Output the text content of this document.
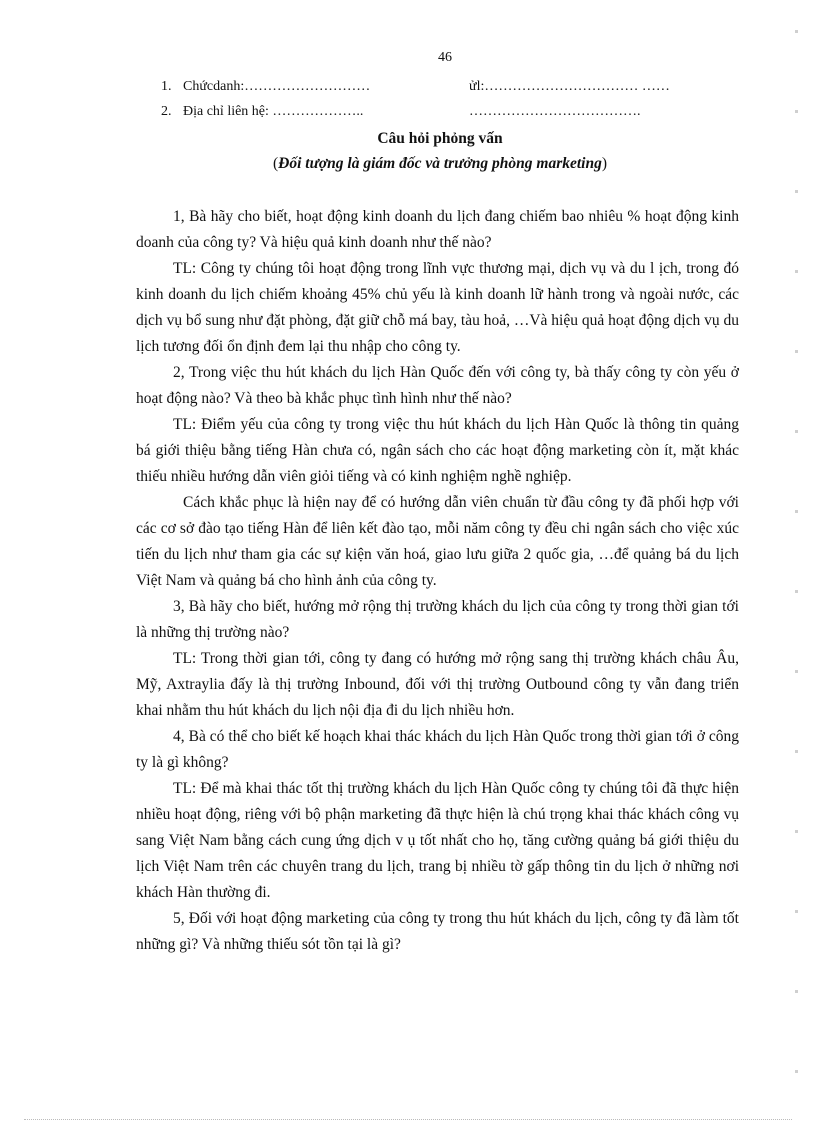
46
1. Chứcdanh:………………………	ửl:…………………………… ……
2. Địa chỉ liên hệ: ………………..	……………………………….
Câu hỏi phỏng vấn
(Đối tượng là giám đốc và trưởng phòng marketing)

1, Bà hãy cho biết, hoạt động kinh doanh du lịch đang chiếm bao nhiêu % hoạt động kinh doanh của công ty? Và hiệu quả kinh doanh như thế nào?

TL: Công ty chúng tôi hoạt động trong lĩnh vực thương mại, dịch vụ và du l ịch, trong đó kinh doanh du lịch chiếm khoảng 45% chủ yếu là kinh doanh lữ hành trong và ngoài nước, các dịch vụ bổ sung như đặt phòng, đặt giữ chỗ má bay, tàu hoả, …Và hiệu quả hoạt động dịch vụ du lịch tương đối ổn định đem lại thu nhập cho công ty.

2, Trong việc thu hút khách du lịch Hàn Quốc đến với công ty, bà thấy công ty còn yếu ở hoạt động nào? Và theo bà khắc phục tình hình như thế nào?

TL: Điểm yếu của công ty trong việc thu hút khách du lịch Hàn Quốc là thông tin quảng bá giới thiệu bằng tiếng Hàn chưa có, ngân sách cho các hoạt động marketing còn ít, mặt khác thiếu nhiều hướng dẫn viên giỏi tiếng và có kinh nghiệm nghề nghiệp.

Cách khắc phục là hiện nay để có hướng dẫn viên chuẩn từ đầu công ty đã phối hợp với các cơ sở đào tạo tiếng Hàn để liên kết đào tạo, mỗi năm công ty đều chi ngân sách cho việc xúc tiến du lịch như tham gia các sự kiện văn hoá, giao lưu giữa 2 quốc gia, …để quảng bá du lịch Việt Nam và quảng bá cho hình ảnh của công ty.

3, Bà hãy cho biết, hướng mở rộng thị trường khách du lịch của công ty trong thời gian tới là những thị trường nào?

TL: Trong thời gian tới, công ty đang có hướng mở rộng sang thị trường khách châu Âu, Mỹ, Axtraylia đấy là thị trường Inbound, đối với thị trường Outbound công ty vẫn đang triển khai nhằm thu hút khách du lịch nội địa đi du lịch nhiều hơn.

4, Bà có thể cho biết kế hoạch khai thác khách du lịch Hàn Quốc trong thời gian tới ở công ty là gì không?

TL: Để mà khai thác tốt thị trường khách du lịch Hàn Quốc công ty chúng tôi đã thực hiện nhiều hoạt động, riêng với bộ phận marketing đã thực hiện là chú trọng khai thác khách công vụ sang Việt Nam bằng cách cung ứng dịch v ụ tốt nhất cho họ, tăng cường quảng bá giới thiệu du lịch Việt Nam trên các chuyên trang du lịch, trang bị nhiều tờ gấp thông tin du lịch ở những nơi khách Hàn thường đi.

5, Đối với hoạt động marketing của công ty trong thu hút khách du lịch, công ty đã làm tốt những gì? Và những thiếu sót tồn tại là gì?
